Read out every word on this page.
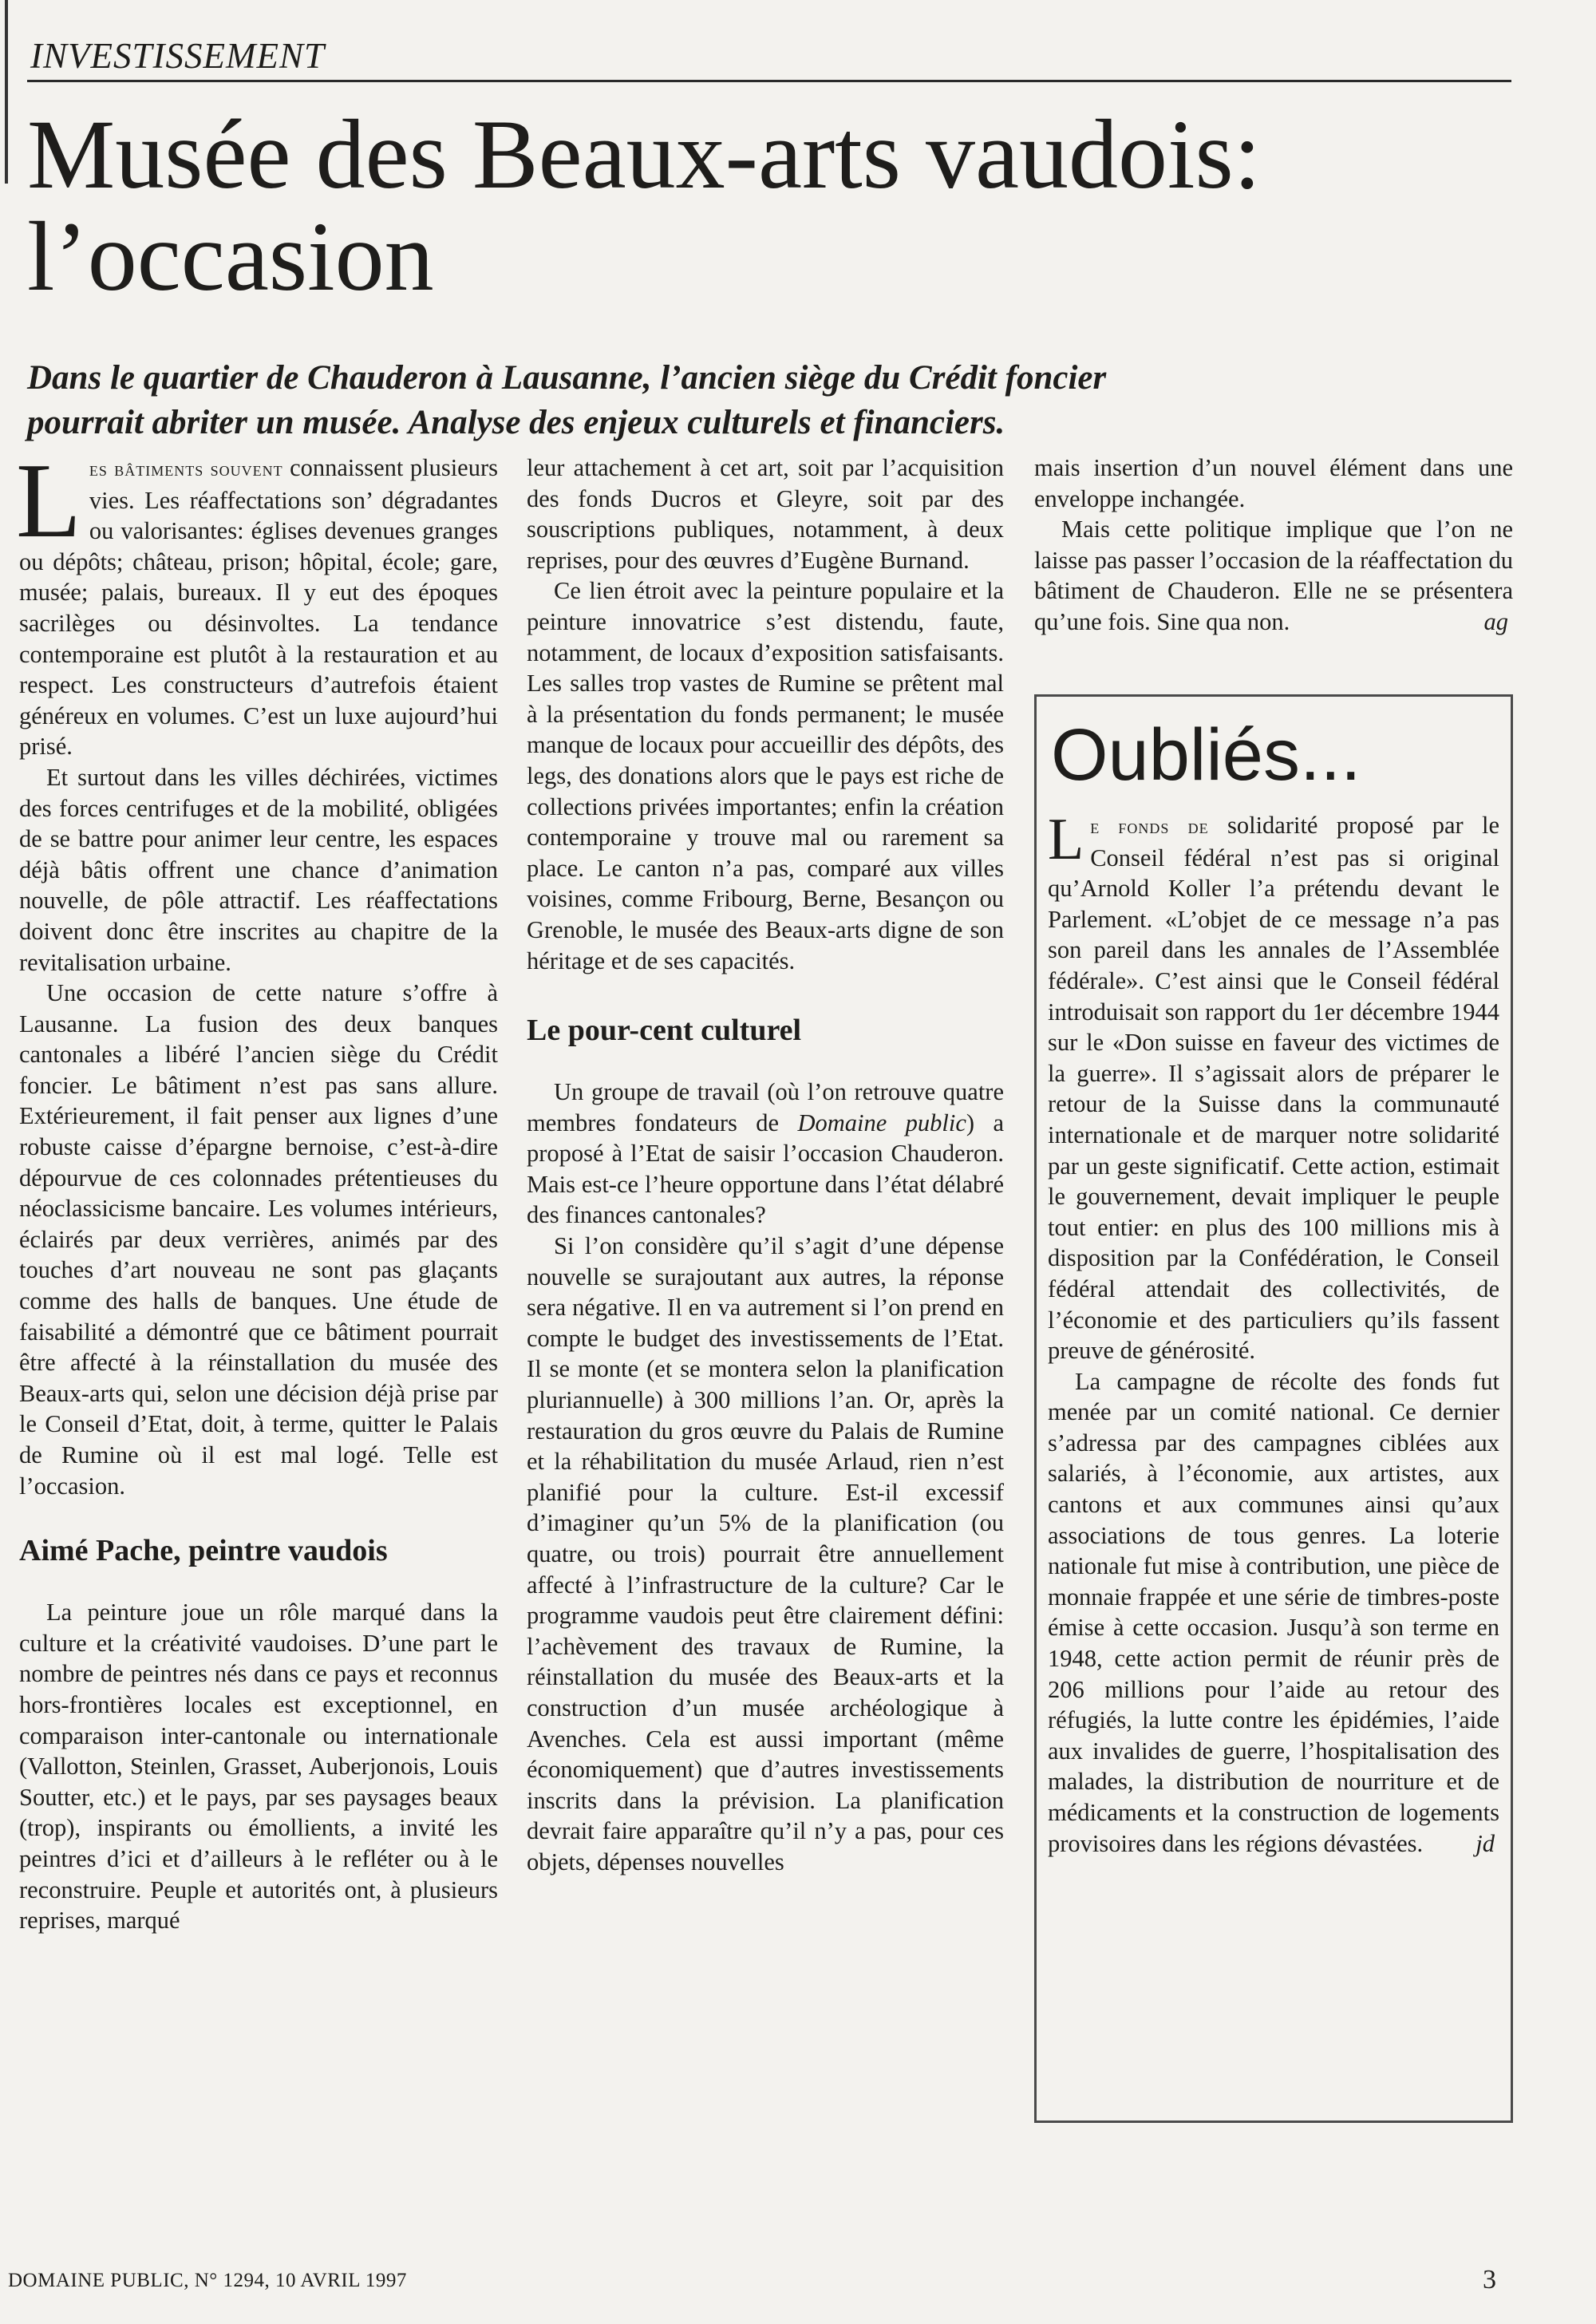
INVESTISSEMENT
Musée des Beaux-arts vaudois:
l’occasion
Dans le quartier de Chauderon à Lausanne, l’ancien siège du Crédit foncier
pourrait abriter un musée. Analyse des enjeux culturels et financiers.

Les bâtiments souvent connaissent plusieurs vies. Les réaffectations son’ dégradantes ou valorisantes: églises devenues granges ou dépôts; château, prison; hôpital, école; gare, musée; palais, bureaux. Il y eut des époques sacrilèges ou désinvoltes. La tendance contemporaine est plutôt à la restauration et au respect. Les constructeurs d’autrefois étaient généreux en volumes. C’est un luxe aujourd’hui prisé.

Et surtout dans les villes déchirées, victimes des forces centrifuges et de la mobilité, obligées de se battre pour animer leur centre, les espaces déjà bâtis offrent une chance d’animation nouvelle, de pôle attractif. Les réaffectations doivent donc être inscrites au chapitre de la revitalisation urbaine.

Une occasion de cette nature s’offre à Lausanne. La fusion des deux banques cantonales a libéré l’ancien siège du Crédit foncier. Le bâtiment n’est pas sans allure. Extérieurement, il fait penser aux lignes d’une robuste caisse d’épargne bernoise, c’est-à-dire dépourvue de ces colonnades prétentieuses du néoclassicisme bancaire. Les volumes intérieurs, éclairés par deux verrières, animés par des touches d’art nouveau ne sont pas glaçants comme des halls de banques. Une étude de faisabilité a démontré que ce bâtiment pourrait être affecté à la réinstallation du musée des Beaux-arts qui, selon une décision déjà prise par le Conseil d’Etat, doit, à terme, quitter le Palais de Rumine où il est mal logé. Telle est l’occasion.

Aimé Pache, peintre vaudois

La peinture joue un rôle marqué dans la culture et la créativité vaudoises. D’une part le nombre de peintres nés dans ce pays et reconnus hors-frontières locales est exceptionnel, en comparaison inter-cantonale ou internationale (Vallotton, Steinlen, Grasset, Auberjonois, Louis Soutter, etc.) et le pays, par ses paysages beaux (trop), inspirants ou émollients, a invité les peintres d’ici et d’ailleurs à le refléter ou à le reconstruire. Peuple et autorités ont, à plusieurs reprises, marqué

leur attachement à cet art, soit par l’acquisition des fonds Ducros et Gleyre, soit par des souscriptions publiques, notamment, à deux reprises, pour des œuvres d’Eugène Burnand.

Ce lien étroit avec la peinture populaire et la peinture innovatrice s’est distendu, faute, notamment, de locaux d’exposition satisfaisants. Les salles trop vastes de Rumine se prêtent mal à la présentation du fonds permanent; le musée manque de locaux pour accueillir des dépôts, des legs, des donations alors que le pays est riche de collections privées importantes; enfin la création contemporaine y trouve mal ou rarement sa place. Le canton n’a pas, comparé aux villes voisines, comme Fribourg, Berne, Besançon ou Grenoble, le musée des Beaux-arts digne de son héritage et de ses capacités.

Le pour-cent culturel

Un groupe de travail (où l’on retrouve quatre membres fondateurs de Domaine public) a proposé à l’Etat de saisir l’occasion Chauderon. Mais est-ce l’heure opportune dans l’état délabré des finances cantonales?

Si l’on considère qu’il s’agit d’une dépense nouvelle se surajoutant aux autres, la réponse sera négative. Il en va autrement si l’on prend en compte le budget des investissements de l’Etat. Il se monte (et se montera selon la planification pluriannuelle) à 300 millions l’an. Or, après la restauration du gros œuvre du Palais de Rumine et la réhabilitation du musée Arlaud, rien n’est planifié pour la culture. Est-il excessif d’imaginer qu’un 5% de la planification (ou quatre, ou trois) pourrait être annuellement affecté à l’infrastructure de la culture? Car le programme vaudois peut être clairement défini: l’achèvement des travaux de Rumine, la réinstallation du musée des Beaux-arts et la construction d’un musée archéologique à Avenches. Cela est aussi important (même économiquement) que d’autres investissements inscrits dans la prévision. La planification devrait faire apparaître qu’il n’y a pas, pour ces objets, dépenses nouvelles

mais insertion d’un nouvel élément dans une enveloppe inchangée.

Mais cette politique implique que l’on ne laisse pas passer l’occasion de la réaffectation du bâtiment de Chauderon. Elle ne se présentera qu’une fois. Sine qua non.	ag

Oubliés...

Le fonds de solidarité proposé par le Conseil fédéral n’est pas si original qu’Arnold Koller l’a prétendu devant le Parlement. «L’objet de ce message n’a pas son pareil dans les annales de l’Assemblée fédérale». C’est ainsi que le Conseil fédéral introduisait son rapport du 1er décembre 1944 sur le «Don suisse en faveur des victimes de la guerre». Il s’agissait alors de préparer le retour de la Suisse dans la communauté internationale et de marquer notre solidarité par un geste significatif. Cette action, estimait le gouvernement, devait impliquer le peuple tout entier: en plus des 100 millions mis à disposition par la Confédération, le Conseil fédéral attendait des collectivités, de l’économie et des particuliers qu’ils fassent preuve de générosité.

La campagne de récolte des fonds fut menée par un comité national. Ce dernier s’adressa par des campagnes ciblées aux salariés, à l’économie, aux artistes, aux cantons et aux communes ainsi qu’aux associations de tous genres. La loterie nationale fut mise à contribution, une pièce de monnaie frappée et une série de timbres-poste émise à cette occasion. Jusqu’à son terme en 1948, cette action permit de réunir près de 206 millions pour l’aide au retour des réfugiés, la lutte contre les épidémies, l’aide aux invalides de guerre, l’hospitalisation des malades, la distribution de nourriture et de médicaments et la construction de logements provisoires dans les régions dévastées.	jd

DOMAINE PUBLIC, N° 1294, 10 AVRIL 1997	3
